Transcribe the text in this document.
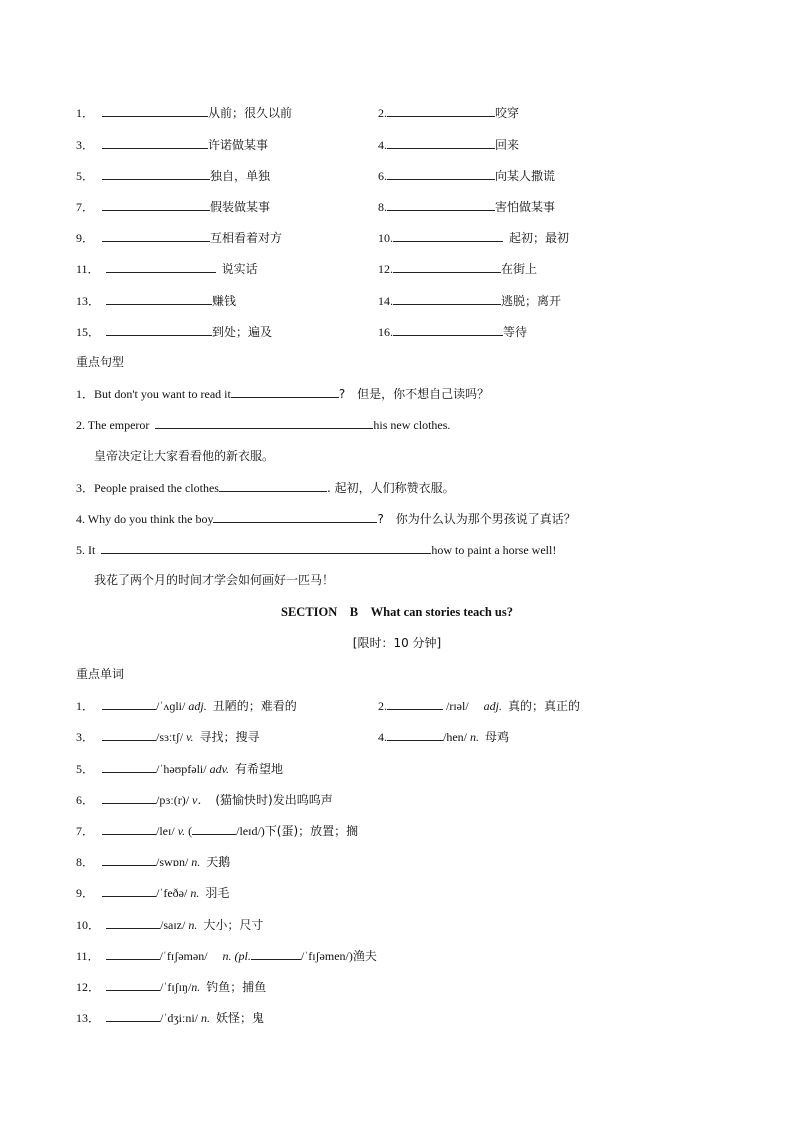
1．	从前；很久以前	2.	咬穿
3．	许诺做某事	4.	回来
5．	独自，单独	6.	向某人撒谎
7．	假装做某事	8.	害怕做某事
9．	互相看着对方	10.	起初；最初
11．	说实话	12.	在街上
13．	赚钱	14.	逃脱；离开
15．	到处；遍及	16.	等待
重点句型
1．But don't you want to read it	?　但是，你不想自己读吗？
2. The emperor	his new clothes.
皇帝决定让大家看看他的新衣服。
3．People praised the clothes	. 起初，人们称赞衣服。
4. Why do you think the boy	?　你为什么认为那个男孩说了真话？
5. It	how to paint a horse well!
我花了两个月的时间才学会如何画好一匹马！
SECTION　B　What can stories teach us?
[限时：10 分钟]
重点单词
1．	/ˈʌɡli/ adj. 丑陋的；难看的	2.	/rɪəl/ adj. 真的；真正的
3．	/sɜːtʃ/ v. 寻找；搜寻	4.	/hen/ n. 母鸡
5．	/ˈhəʊpfəli/ adv. 有希望地
6．	/pɜː(r)/ v． (猫愉快时)发出呜呜声
7．	/leɪ/ v. (	/leɪd/)下(蛋)；放置；搁
8．	/swɒn/ n. 天鹅
9．	/ˈfeðə/ n. 羽毛
10．	/saɪz/ n. 大小；尺寸
11．	/ˈfɪʃəmən/ n. (pl.	/ˈfɪʃəmen/)渔夫
12．	/ˈfɪʃɪŋ/n. 钓鱼；捕鱼
13．	/ˈdʒiːni/ n. 妖怪；鬼
